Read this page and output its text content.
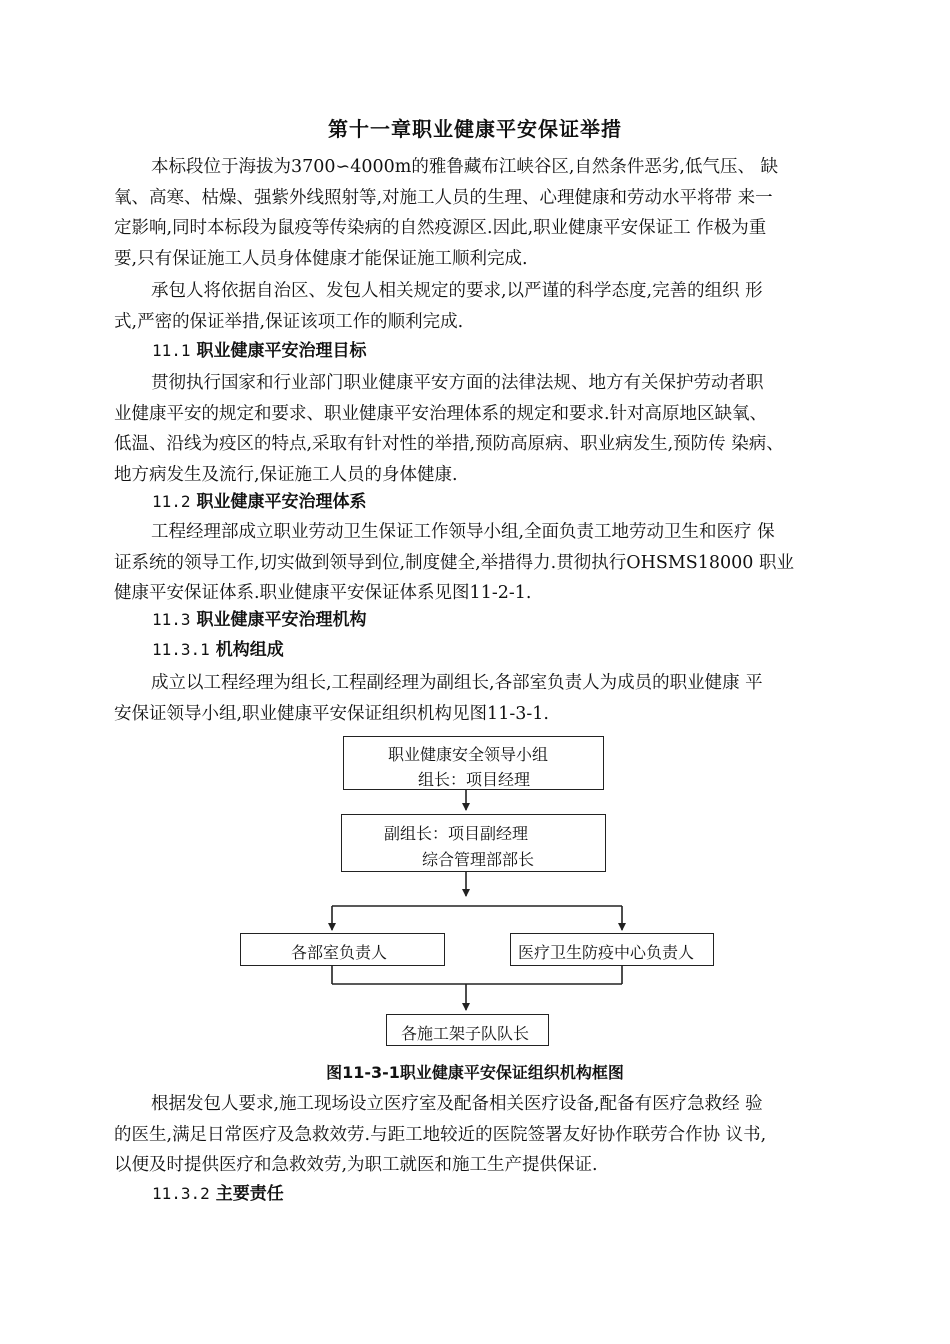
第十一章职业健康平安保证举措

本标段位于海拔为3700∽4000m的雅鲁藏布江峡谷区,自然条件恶劣,低气压、 缺
氧、高寒、枯燥、强紫外线照射等,对施工人员的生理、心理健康和劳动水平将带 来一
定影响,同时本标段为鼠疫等传染病的自然疫源区.因此,职业健康平安保证工 作极为重
要,只有保证施工人员身体健康才能保证施工顺利完成.

承包人将依据自治区、发包人相关规定的要求,以严谨的科学态度,完善的组织 形
式,严密的保证举措,保证该项工作的顺利完成.

11.1 职业健康平安治理目标

贯彻执行国家和行业部门职业健康平安方面的法律法规、地方有关保护劳动者职
业健康平安的规定和要求、职业健康平安治理体系的规定和要求.针对高原地区缺氧、
低温、沿线为疫区的特点,采取有针对性的举措,预防高原病、职业病发生,预防传 染病、
地方病发生及流行,保证施工人员的身体健康.

11.2 职业健康平安治理体系

工程经理部成立职业劳动卫生保证工作领导小组,全面负责工地劳动卫生和医疗 保
证系统的领导工作,切实做到领导到位,制度健全,举措得力.贯彻执行OHSMS18000 职业
健康平安保证体系.职业健康平安保证体系见图11-2-1.

11.3 职业健康平安治理机构
11.3.1 机构组成

成立以工程经理为组长,工程副经理为副组长,各部室负责人为成员的职业健康 平
安保证领导小组,职业健康平安保证组织机构见图11-3-1.

职业健康安全领导小组
组长：项目经理
副组长：项目副经理
综合管理部部长
各部室负责人	医疗卫生防疫中心负责人
各施工架子队队长
图11-3-1职业健康平安保证组织机构框图

根据发包人要求,施工现场设立医疗室及配备相关医疗设备,配备有医疗急救经 验
的医生,满足日常医疗及急救效劳.与距工地较近的医院签署友好协作联劳合作协 议书,
以便及时提供医疗和急救效劳,为职工就医和施工生产提供保证.

11.3.2 主要责任
